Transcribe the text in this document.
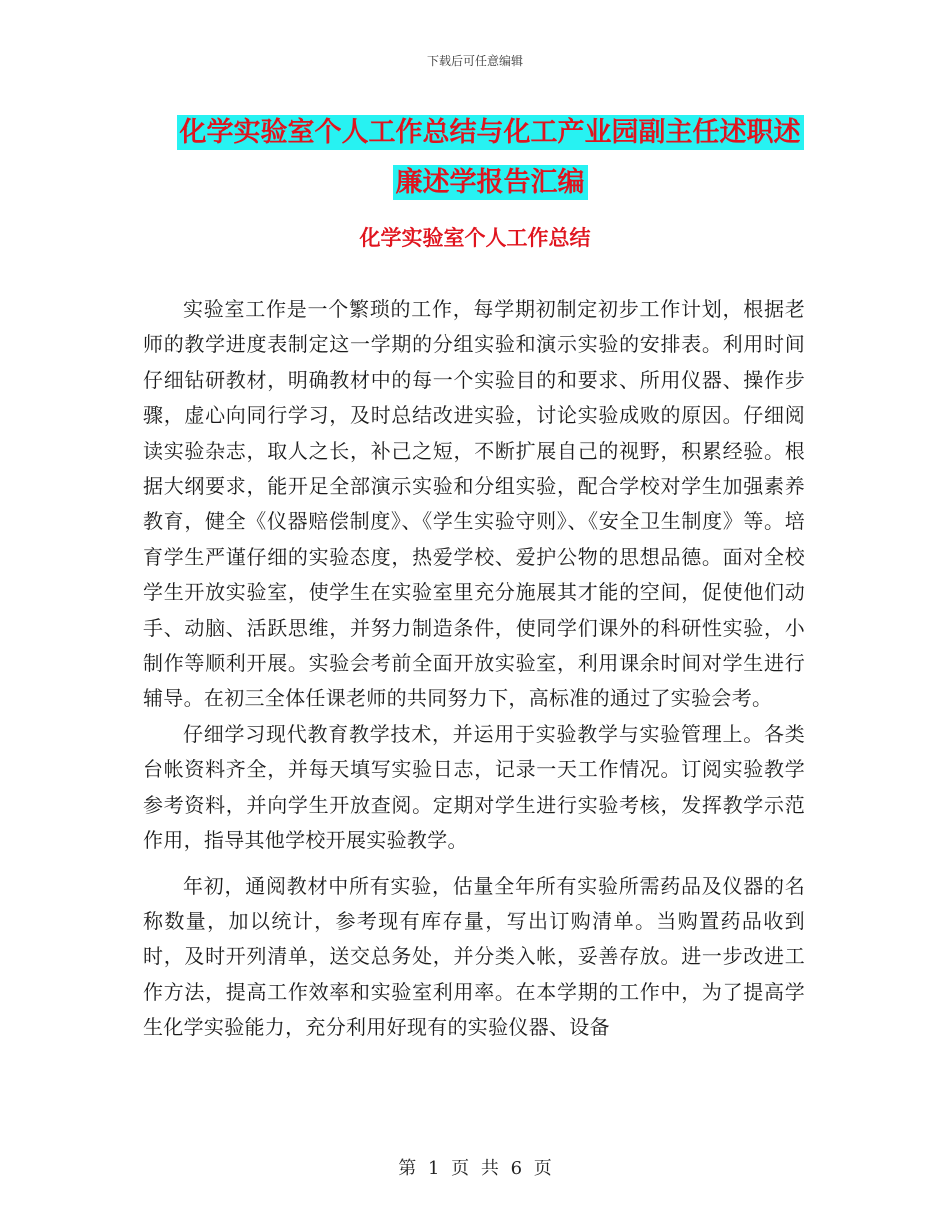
下载后可任意编辑
化学实验室个人工作总结与化工产业园副主任述职述
廉述学报告汇编
化学实验室个人工作总结

实验室工作是一个繁琐的工作，每学期初制定初步工作计划，根据老师的教学进度表制定这一学期的分组实验和演示实验的安排表。利用时间仔细钻研教材，明确教材中的每一个实验目的和要求、所用仪器、操作步骤，虚心向同行学习，及时总结改进实验，讨论实验成败的原因。仔细阅读实验杂志，取人之长，补己之短，不断扩展自己的视野，积累经验。根据大纲要求，能开足全部演示实验和分组实验，配合学校对学生加强素养教育，健全《仪器赔偿制度》、《学生实验守则》、《安全卫生制度》等。培育学生严谨仔细的实验态度，热爱学校、爱护公物的思想品德。面对全校学生开放实验室，使学生在实验室里充分施展其才能的空间，促使他们动手、动脑、活跃思维，并努力制造条件，使同学们课外的科研性实验，小制作等顺利开展。实验会考前全面开放实验室，利用课余时间对学生进行辅导。在初三全体任课老师的共同努力下，高标准的通过了实验会考。

仔细学习现代教育教学技术，并运用于实验教学与实验管理上。各类台帐资料齐全，并每天填写实验日志，记录一天工作情况。订阅实验教学参考资料，并向学生开放查阅。定期对学生进行实验考核，发挥教学示范作用，指导其他学校开展实验教学。

年初，通阅教材中所有实验，估量全年所有实验所需药品及仪器的名称数量，加以统计，参考现有库存量，写出订购清单。当购置药品收到时，及时开列清单，送交总务处，并分类入帐，妥善存放。进一步改进工作方法，提高工作效率和实验室利用率。在本学期的工作中，为了提高学生化学实验能力，充分利用好现有的实验仪器、设备

第 1 页 共 6 页
